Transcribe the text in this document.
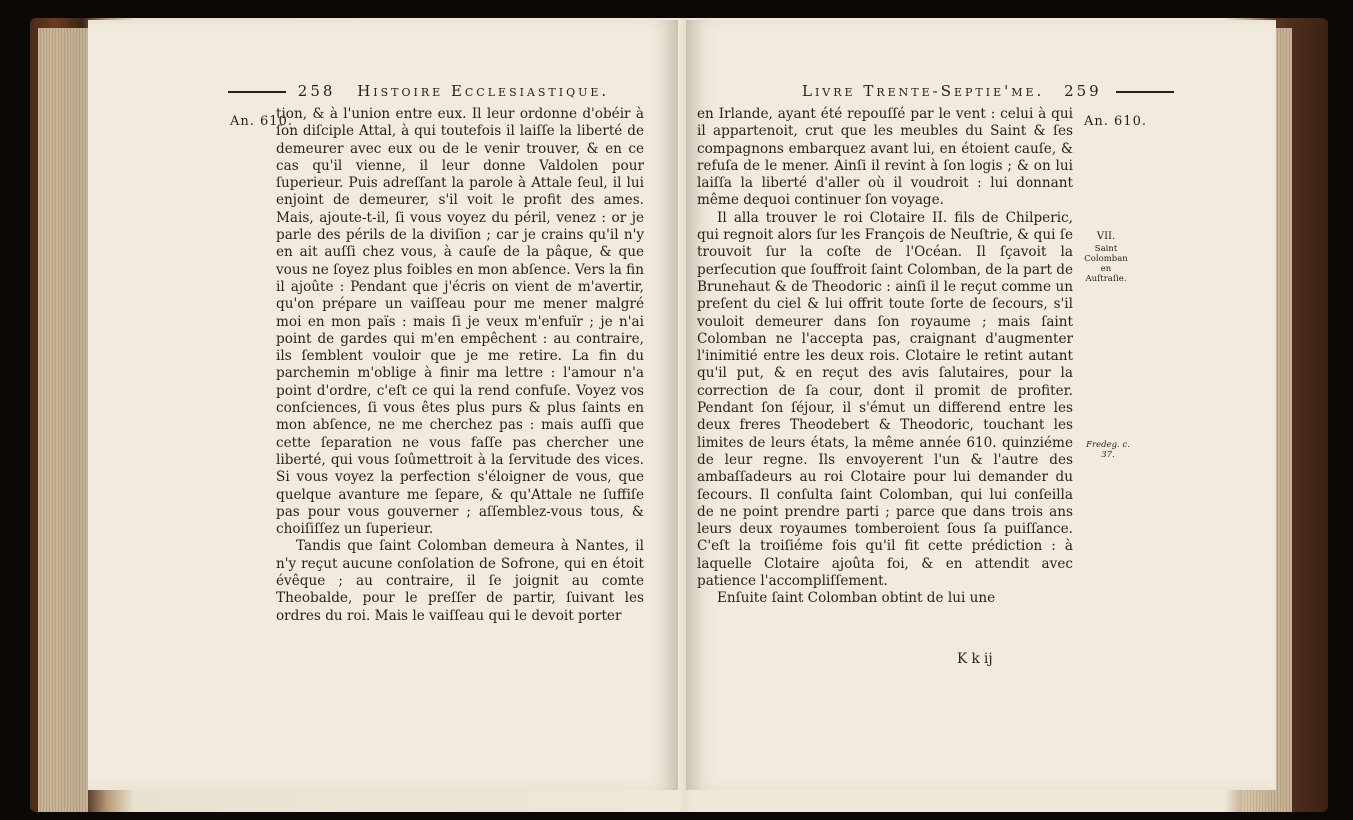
258 Histoire Ecclesiastique.
An. 610.

tion, & à l'union entre eux. Il leur ordonne d'obéir à ſon diſciple Attal, à qui toutefois il laiſſe la liberté de demeurer avec eux ou de le venir trouver, & en ce cas qu'il vienne, il leur donne Valdolen pour ſuperieur. Puis adreſſant la parole à Attale ſeul, il lui enjoint de demeurer, s'il voit le profit des ames. Mais, ajoute-t-il, ſi vous voyez du péril, venez : or je parle des périls de la diviſion ; car je crains qu'il n'y en ait auſſi chez vous, à cauſe de la pâque, & que vous ne ſoyez plus foibles en mon abſence. Vers la fin il ajoûte : Pendant que j'écris on vient de m'avertir, qu'on prépare un vaiſſeau pour me mener malgré moi en mon païs : mais ſi je veux m'enfuïr ; je n'ai point de gardes qui m'en empêchent : au contraire, ils ſemblent vouloir que je me retire. La fin du parchemin m'oblige à finir ma lettre : l'amour n'a point d'ordre, c'eſt ce qui la rend confuſe. Voyez vos conſciences, ſi vous êtes plus purs & plus ſaints en mon abſence, ne me cherchez pas : mais auſſi que cette ſeparation ne vous faſſe pas chercher une liberté, qui vous ſoûmettroit à la ſervitude des vices. Si vous voyez la perfection s'éloigner de vous, que quelque avanture me ſepare, & qu'Attale ne ſuffiſe pas pour vous gouverner ; aſſemblez-vous tous, & choiſiſſez un ſuperieur.

Tandis que ſaint Colomban demeura à Nantes, il n'y reçut aucune conſolation de Sofrone, qui en étoit évêque ; au contraire, il ſe joignit au comte Theobalde, pour le preſſer de partir, ſuivant les ordres du roi. Mais le vaiſſeau qui le devoit porter

Livre Trente-Septie'me. 259
An. 610.

en Irlande, ayant été repouſſé par le vent : celui à qui il appartenoit, crut que les meubles du Saint & ſes compagnons embarquez avant lui, en étoient cauſe, & refuſa de le mener. Ainſi il revint à ſon logis ; & on lui laiſſa la liberté d'aller où il voudroit : lui donnant même dequoi continuer ſon voyage.

Il alla trouver le roi Clotaire II. fils de Chilperic, qui regnoit alors ſur les François de Neuſtrie, & qui ſe trouvoit ſur la coſte de l'Océan. Il ſçavoit la perſecution que ſouffroit ſaint Colomban, de la part de Brunehaut & de Theodoric : ainſi il le reçut comme un preſent du ciel & lui offrit toute ſorte de ſecours, s'il vouloit demeurer dans ſon royaume ; mais ſaint Colomban ne l'accepta pas, craignant d'augmenter l'inimitié entre les deux rois. Clotaire le retint autant qu'il put, & en reçut des avis ſalutaires, pour la correction de ſa cour, dont il promit de profiter. Pendant ſon ſéjour, il s'émut un differend entre les deux freres Theodebert & Theodoric, touchant les limites de leurs états, la même année 610. quinziéme de leur regne. Ils envoyerent l'un & l'autre des ambaſſadeurs au roi Clotaire pour lui demander du ſecours. Il conſulta ſaint Colomban, qui lui conſeilla de ne point prendre parti ; parce que dans trois ans leurs deux royaumes tomberoient ſous ſa puiſſance. C'eſt la troiſiéme fois qu'il fit cette prédiction : à laquelle Clotaire ajoûta foi, & en attendit avec patience l'accompliſſement.

Enſuite ſaint Colomban obtint de lui une

VII.
Saint Colomban en Auſtraſie.
Fredeg. c. 37.
K k ij
